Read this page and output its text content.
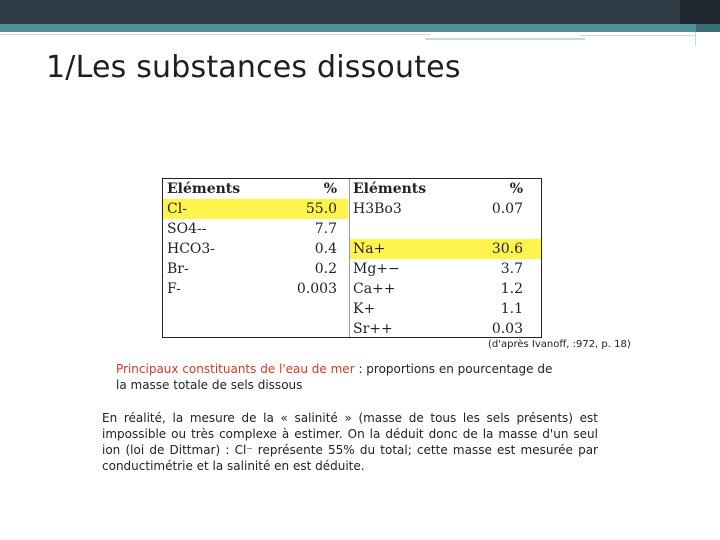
1/Les substances dissoutes
Eléments
Cl-
SO4--
HCO3-
Br-
F-
%
55.0
7.7
0.4
0.2
0.003
Eléments
H3Bo3
Na+
Mg+−
Ca++
K+
Sr++
%
0.07
30.6
3.7
1.2
1.1
0.03
(d'après Ivanoff, :972, p. 18)
Principaux constituants de l'eau de mer : proportions en pourcentage de la masse totale de sels dissous
En réalité, la mesure de la « salinité » (masse de tous les sels présents) est impossible ou très complexe à estimer. On la déduit donc de la masse d'un seul ion (loi de Dittmar) : Cl⁻ représente 55% du total; cette masse est mesurée par conductimétrie et la salinité en est déduite.
